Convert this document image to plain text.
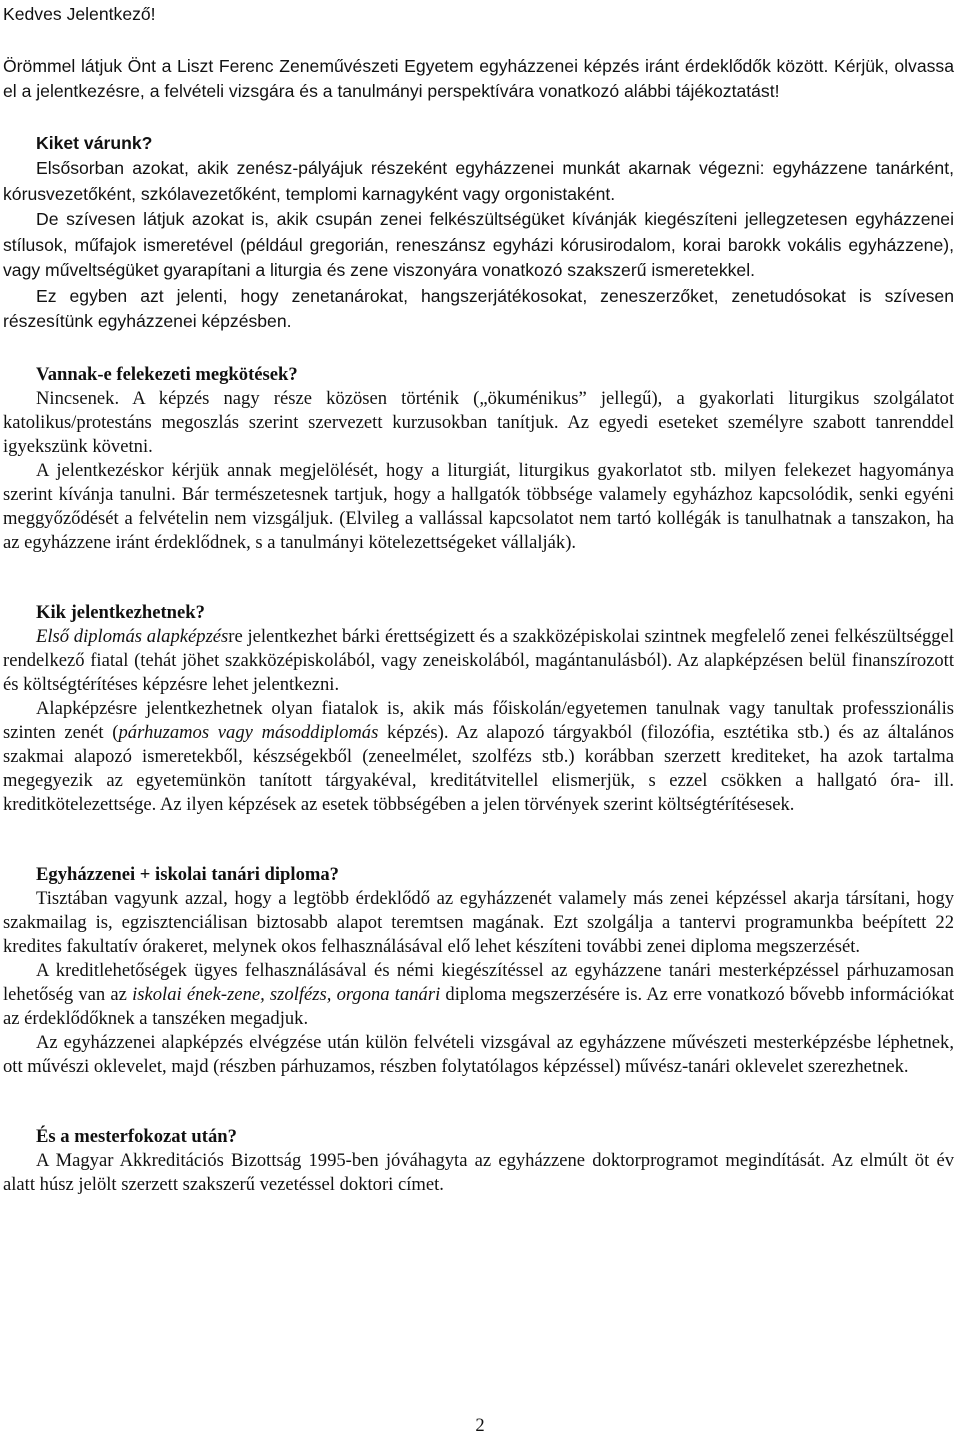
Kedves Jelentkező!

Örömmel látjuk Önt a Liszt Ferenc Zeneművészeti Egyetem egyházzenei képzés iránt érdeklődők között. Kérjük, olvassa el a jelentkezésre, a felvételi vizsgára és a tanulmányi perspektívára vonatkozó alábbi tájékoztatást!

Kiket várunk?

Elsősorban azokat, akik zenész-pályájuk részeként egyházzenei munkát akarnak végezni: egyházzene tanárként, kórusvezetőként, szkólavezetőként, templomi karnagyként vagy orgonistaként.

De szívesen látjuk azokat is, akik csupán zenei felkészültségüket kívánják kiegészíteni jellegzetesen egyházzenei stílusok, műfajok ismeretével (például gregorián, reneszánsz egyházi kórusirodalom, korai barokk vokális egyházzene), vagy műveltségüket gyarapítani a liturgia és zene viszonyára vonatkozó szakszerű ismeretekkel.

Ez egyben azt jelenti, hogy zenetanárokat, hangszerjátékosokat, zeneszerzőket, zenetudósokat is szívesen részesítünk egyházzenei képzésben.

Vannak-e felekezeti megkötések?

Nincsenek. A képzés nagy része közösen történik („ökuménikus” jellegű), a gyakorlati liturgikus szolgálatot katolikus/protestáns megoszlás szerint szervezett kurzusokban tanítjuk. Az egyedi eseteket személyre szabott tanrenddel igyekszünk követni.

A jelentkezéskor kérjük annak megjelölését, hogy a liturgiát, liturgikus gyakorlatot stb. milyen felekezet hagyománya szerint kívánja tanulni. Bár természetesnek tartjuk, hogy a hallgatók többsége valamely egyházhoz kapcsolódik, senki egyéni meggyőződését a felvételin nem vizsgáljuk. (Elvileg a vallással kapcsolatot nem tartó kollégák is tanulhatnak a tanszakon, ha az egyházzene iránt érdeklődnek, s a tanulmányi kötelezettségeket vállalják).

Kik jelentkezhetnek?

Első diplomás alapképzésre jelentkezhet bárki érettségizett és a szakközépiskolai szintnek megfelelő zenei felkészültséggel rendelkező fiatal (tehát jöhet szakközépiskolából, vagy zeneiskolából, magántanulásból). Az alapképzésen belül finanszírozott és költségtérítéses képzésre lehet jelentkezni.

Alapképzésre jelentkezhetnek olyan fiatalok is, akik más főiskolán/egyetemen tanulnak vagy tanultak professzionális szinten zenét (párhuzamos vagy másoddiplomás képzés). Az alapozó tárgyakból (filozófia, esztétika stb.) és az általános szakmai alapozó ismeretekből, készségekből (zeneelmélet, szolfézs stb.) korábban szerzett krediteket, ha azok tartalma megegyezik az egyetemünkön tanított tárgyakéval, kreditátvitellel elismerjük, s ezzel csökken a hallgató óra- ill. kreditkötelezettsége. Az ilyen képzések az esetek többségében a jelen törvények szerint költségtérítésesek.

Egyházzenei + iskolai tanári diploma?

Tisztában vagyunk azzal, hogy a legtöbb érdeklődő az egyházzenét valamely más zenei képzéssel akarja társítani, hogy szakmailag is, egzisztenciálisan biztosabb alapot teremtsen magának. Ezt szolgálja a tantervi programunkba beépített 22 kredites fakultatív órakeret, melynek okos felhasználásával elő lehet készíteni további zenei diploma megszerzését.

A kreditlehetőségek ügyes felhasználásával és némi kiegészítéssel az egyházzene tanári mesterképzéssel párhuzamosan lehetőség van az iskolai ének-zene, szolfézs, orgona tanári diploma megszerzésére is. Az erre vonatkozó bővebb információkat az érdeklődőknek a tanszéken megadjuk.

Az egyházzenei alapképzés elvégzése után külön felvételi vizsgával az egyházzene művészeti mesterképzésbe léphetnek, ott művészi oklevelet, majd (részben párhuzamos, részben folytatólagos képzéssel) művész-tanári oklevelet szerezhetnek.

És a mesterfokozat után?

A Magyar Akkreditációs Bizottság 1995-ben jóváhagyta az egyházzene doktorprogramot megindítását. Az elmúlt öt év alatt húsz jelölt szerzett szakszerű vezetéssel doktori címet.

2
